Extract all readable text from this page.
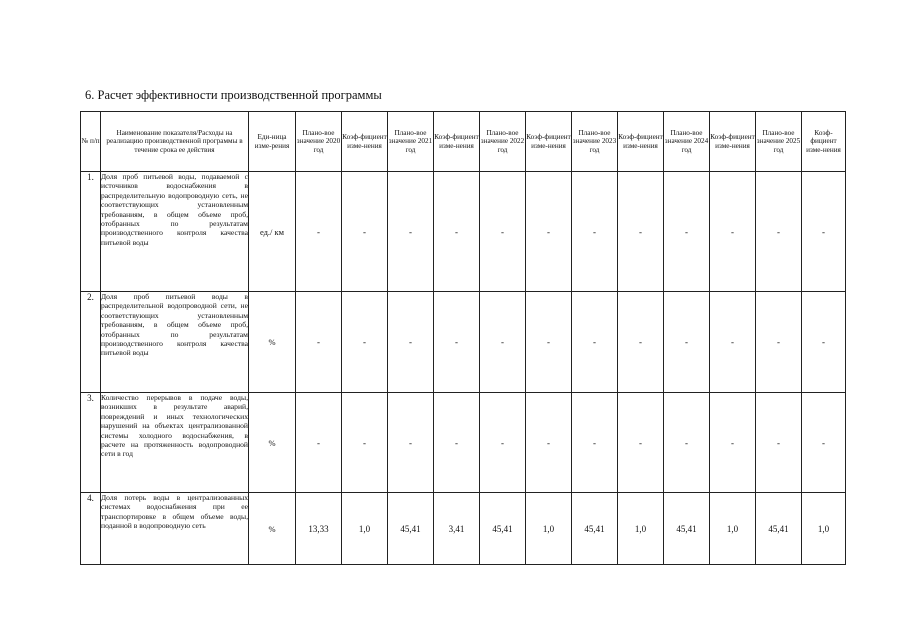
6. Расчет эффективности производственной программы
№ п/п	Наименование показателя/Расходы на реализацию производственной программы в течение срока ее действия	Еди-ница изме-рения	Плано-вое значение 2020 год	Коэф-фициент изме-нения	Плано-вое значение 2021 год	Коэф-фициент изме-нения	Плано-вое значение 2022 год	Коэф-фициент изме-нения	Плано-вое значение 2023 год	Коэф-фициент изме-нения	Плано-вое значение 2024 год	Коэф-фициент изме-нения	Плано-вое значение 2025 год	Коэф-фициент изме-нения
1.	Доля проб питьевой воды, подаваемой с источников водоснабжения в распределительную водопроводную сеть, не соответствующих установленным требованиям, в общем объеме проб, отобранных по результатам производственного контроля качества питьевой воды	ед./ км	-	-	-	-	-	-	-	-	-	-	-	-
2.	Доля проб питьевой воды в распределительной водопроводной сети, не соответствующих установленным требованиям, в общем объеме проб, отобранных по результатам производственного контроля качества питьевой воды	%	-	-	-	-	-	-	-	-	-	-	-	-
3.	Количество перерывов в подаче воды, возникших в результате аварий, повреждений и иных технологических нарушений на объектах централизованной системы холодного водоснабжения, в расчете на протяженность водопроводной сети в год	%	-	-	-	-	-	-	-	-	-	-	-	-
4.	Доля потерь воды в централизованных системах водоснабжения при ее транспортировке в общем объеме воды, поданной в водопроводную сеть	%	13,33	1,0	45,41	3,41	45,41	1,0	45,41	1,0	45,41	1,0	45,41	1,0
